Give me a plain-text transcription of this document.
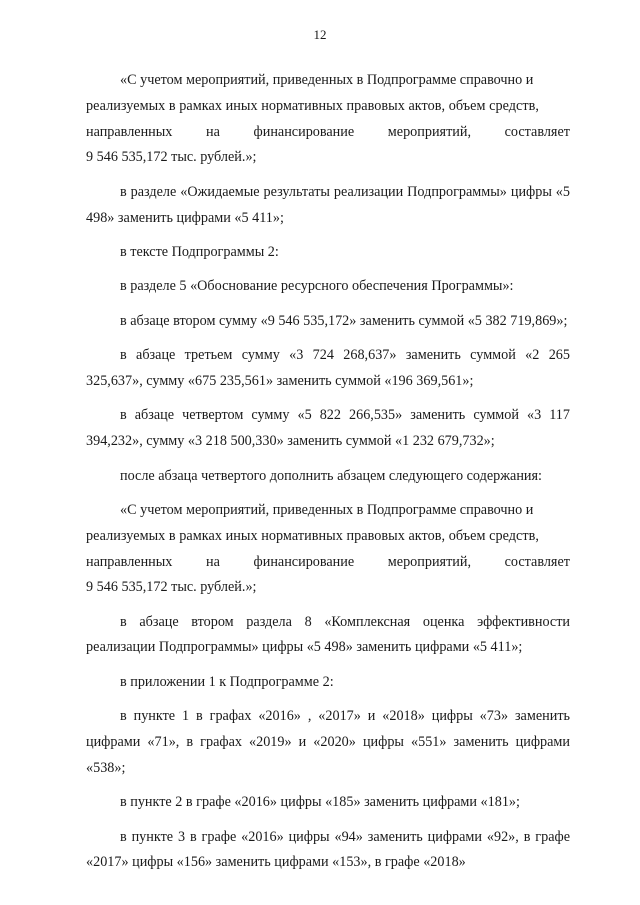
12
«С учетом мероприятий, приведенных в Подпрограмме справочно и
реализуемых в рамках иных нормативных правовых актов, объем средств,
направленных на финансирование мероприятий, составляет
9 546 535,172 тыс. рублей.»;

в разделе «Ожидаемые результаты реализации Подпрограммы» цифры «5 498» заменить цифрами «5 411»;

в тексте Подпрограммы 2:

в разделе 5 «Обоснование ресурсного обеспечения Программы»:

в абзаце втором сумму «9 546 535,172» заменить суммой «5 382 719,869»;

в абзаце третьем сумму «3 724 268,637» заменить суммой «2 265 325,637», сумму «675 235,561» заменить суммой «196 369,561»;

в абзаце четвертом сумму «5 822 266,535» заменить суммой «3 117 394,232», сумму «3 218 500,330» заменить суммой «1 232 679,732»;

после абзаца четвертого дополнить абзацем следующего содержания:

«С учетом мероприятий, приведенных в Подпрограмме справочно и
реализуемых в рамках иных нормативных правовых актов, объем средств,
направленных на финансирование мероприятий, составляет
9 546 535,172 тыс. рублей.»;

в абзаце втором раздела 8 «Комплексная оценка эффективности реализации Подпрограммы» цифры «5 498» заменить цифрами «5 411»;

в приложении 1 к Подпрограмме 2:

в пункте 1 в графах «2016» , «2017» и «2018» цифры «73» заменить цифрами «71», в графах «2019» и «2020» цифры «551» заменить цифрами «538»;

в пункте 2 в графе «2016» цифры «185» заменить цифрами «181»;

в пункте 3 в графе «2016» цифры «94» заменить цифрами «92», в графе «2017» цифры «156» заменить цифрами «153», в графе «2018»
